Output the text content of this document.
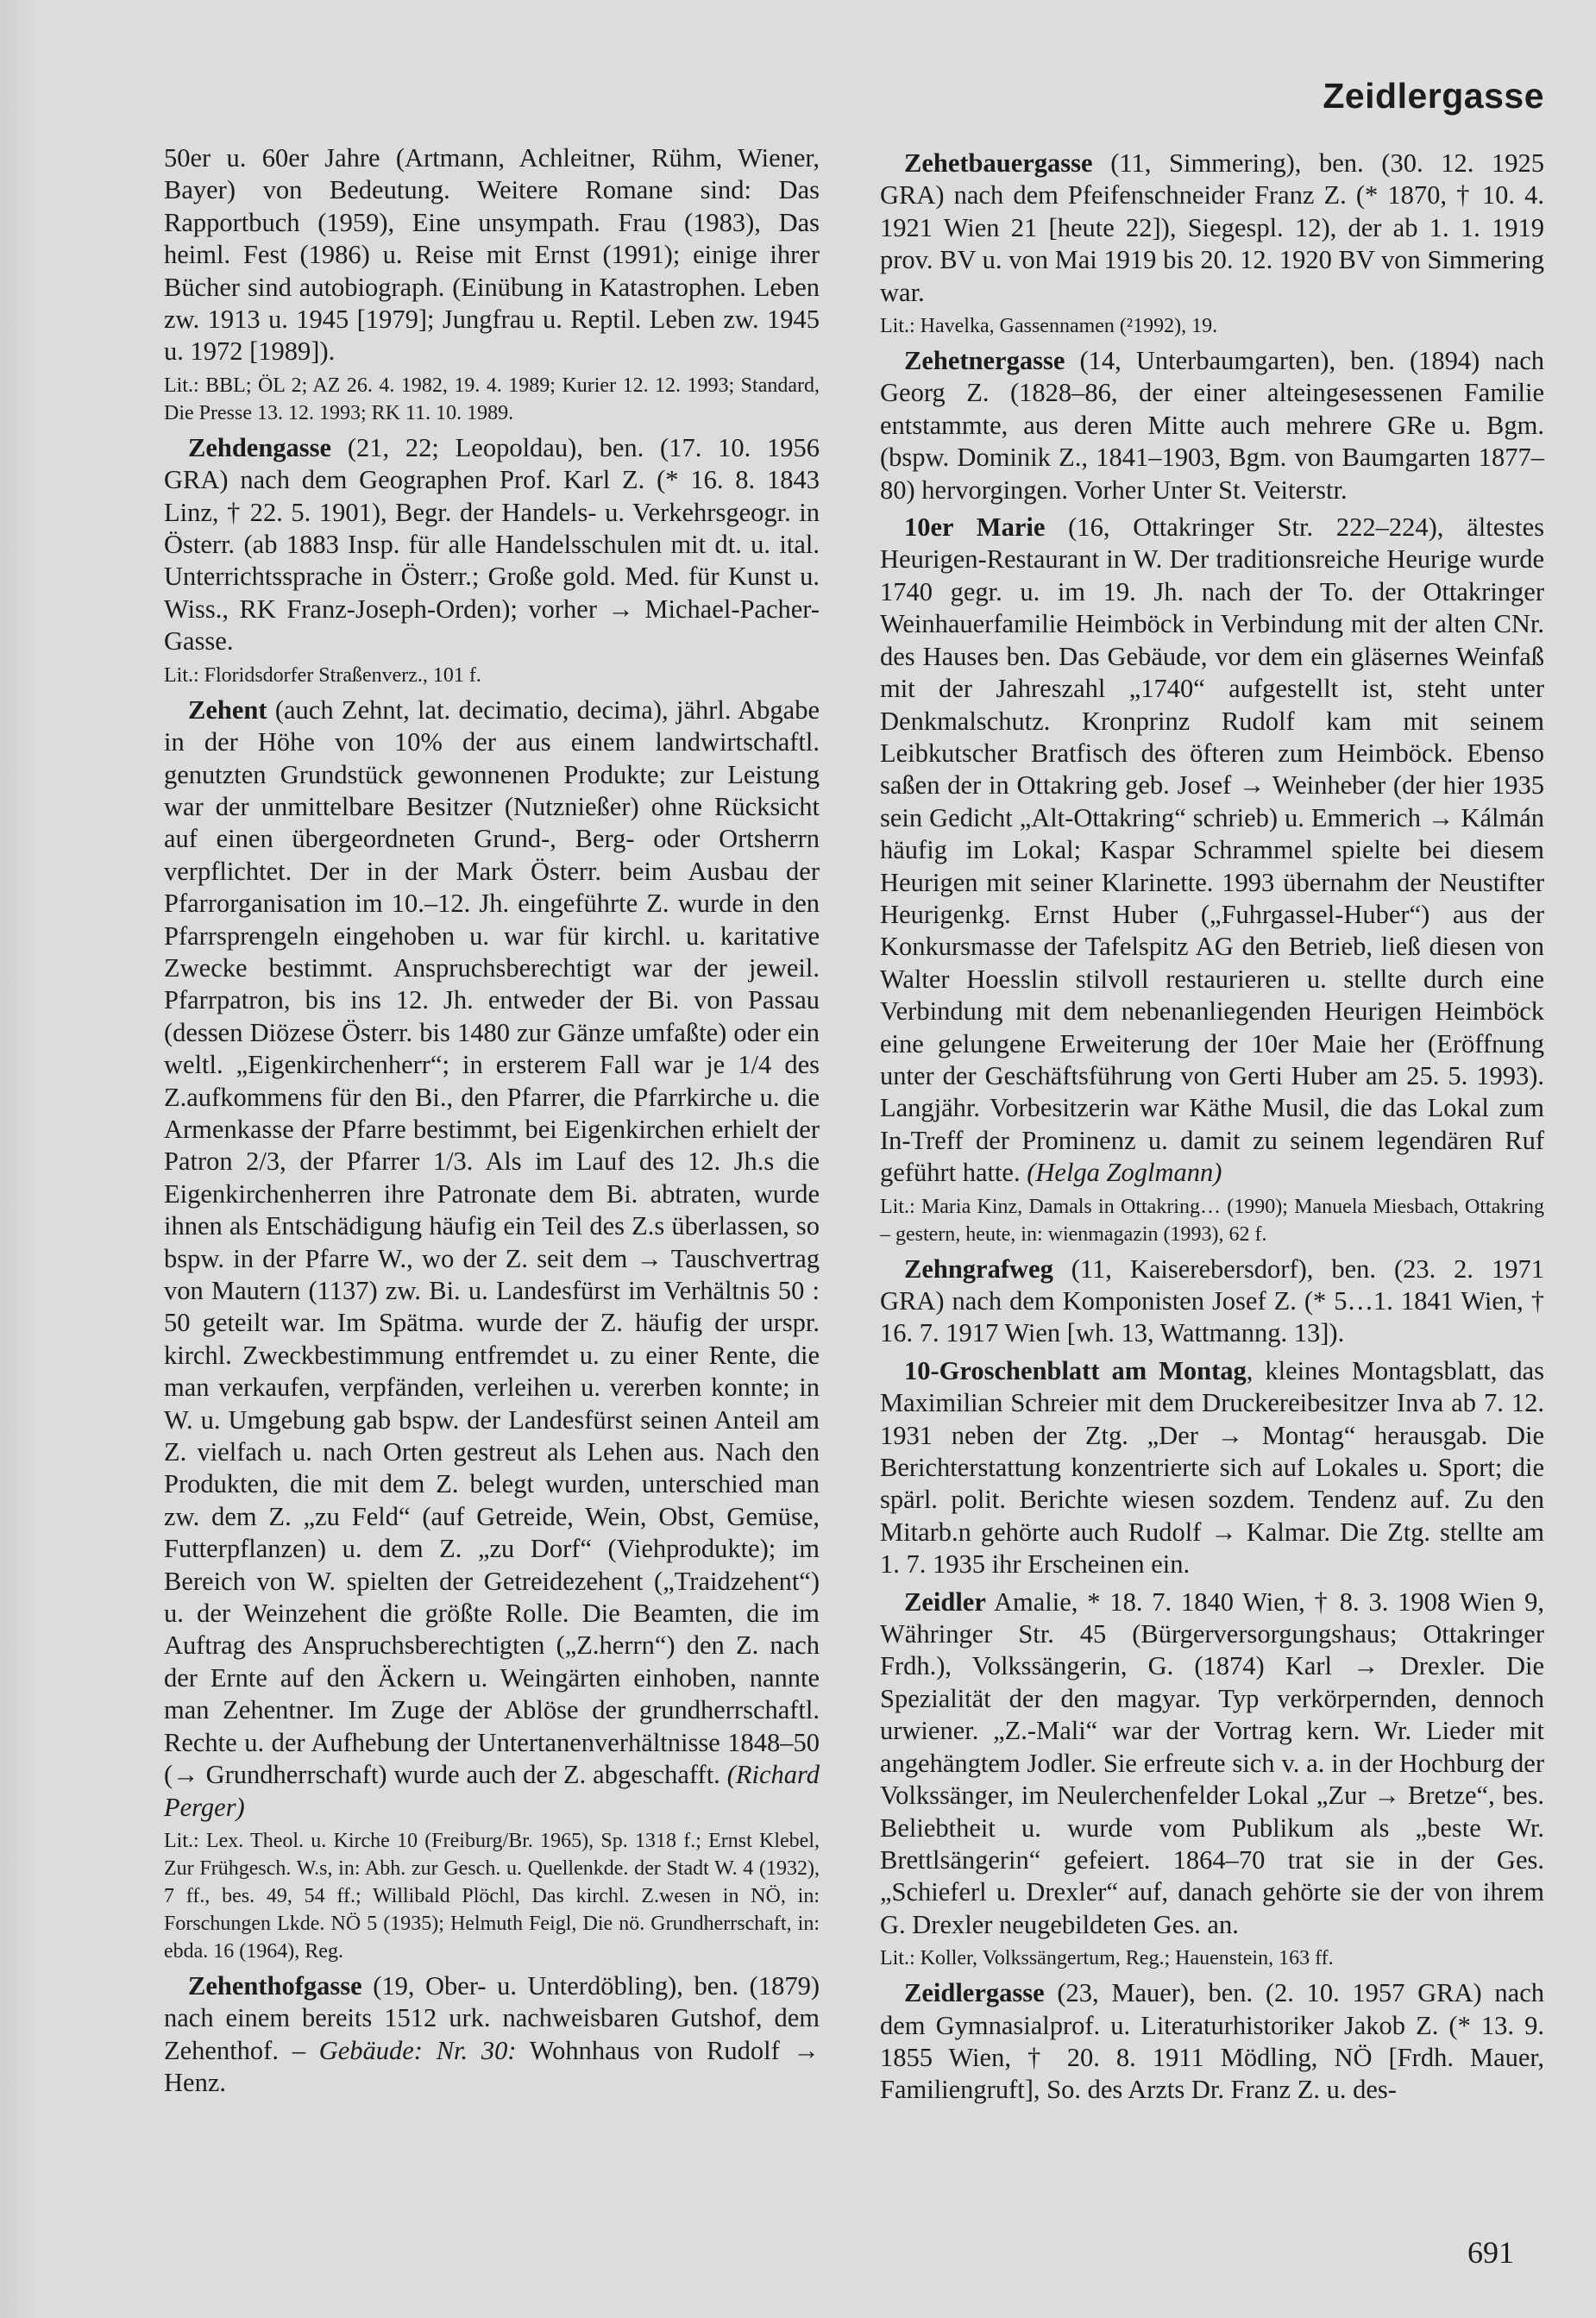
Zeidlergasse

50er u. 60er Jahre (Artmann, Achleitner, Rühm, Wiener, Bayer) von Bedeutung. Weitere Romane sind: Das Rapportbuch (1959), Eine unsympath. Frau (1983), Das heiml. Fest (1986) u. Reise mit Ernst (1991); einige ihrer Bücher sind autobiograph. (Einübung in Katastrophen. Leben zw. 1913 u. 1945 [1979]; Jungfrau u. Reptil. Leben zw. 1945 u. 1972 [1989]).

Lit.: BBL; ÖL 2; AZ 26. 4. 1982, 19. 4. 1989; Kurier 12. 12. 1993; Standard, Die Presse 13. 12. 1993; RK 11. 10. 1989.

Zehdengasse (21, 22; Leopoldau), ben. (17. 10. 1956 GRA) nach dem Geographen Prof. Karl Z. (* 16. 8. 1843 Linz, † 22. 5. 1901), Begr. der Handels- u. Verkehrsgeogr. in Österr. (ab 1883 Insp. für alle Handelsschulen mit dt. u. ital. Unterrichtssprache in Österr.; Große gold. Med. für Kunst u. Wiss., RK Franz-Joseph-Orden); vorher → Michael-Pacher-Gasse.

Lit.: Floridsdorfer Straßenverz., 101 f.

Zehent (auch Zehnt, lat. decimatio, decima), jährl. Abgabe in der Höhe von 10% der aus einem landwirtschaftl. genutzten Grundstück gewonnenen Produkte; zur Leistung war der unmittelbare Besitzer (Nutznießer) ohne Rücksicht auf einen übergeordneten Grund-, Berg- oder Ortsherrn verpflichtet. Der in der Mark Österr. beim Ausbau der Pfarrorganisation im 10.–12. Jh. eingeführte Z. wurde in den Pfarrsprengeln eingehoben u. war für kirchl. u. karitative Zwecke bestimmt. Anspruchsberechtigt war der jeweil. Pfarrpatron, bis ins 12. Jh. entweder der Bi. von Passau (dessen Diözese Österr. bis 1480 zur Gänze umfaßte) oder ein weltl. „Eigenkirchenherr“; in ersterem Fall war je 1/4 des Z.aufkommens für den Bi., den Pfarrer, die Pfarrkirche u. die Armenkasse der Pfarre bestimmt, bei Eigenkirchen erhielt der Patron 2/3, der Pfarrer 1/3. Als im Lauf des 12. Jh.s die Eigenkirchenherren ihre Patronate dem Bi. abtraten, wurde ihnen als Entschädigung häufig ein Teil des Z.s überlassen, so bspw. in der Pfarre W., wo der Z. seit dem → Tauschvertrag von Mautern (1137) zw. Bi. u. Landesfürst im Verhältnis 50 : 50 geteilt war. Im Spätma. wurde der Z. häufig der urspr. kirchl. Zweckbestimmung entfremdet u. zu einer Rente, die man verkaufen, verpfänden, verleihen u. vererben konnte; in W. u. Umgebung gab bspw. der Landesfürst seinen Anteil am Z. vielfach u. nach Orten gestreut als Lehen aus. Nach den Produkten, die mit dem Z. belegt wurden, unterschied man zw. dem Z. „zu Feld“ (auf Getreide, Wein, Obst, Gemüse, Futterpflanzen) u. dem Z. „zu Dorf“ (Viehprodukte); im Bereich von W. spielten der Getreidezehent („Traidzehent“) u. der Weinzehent die größte Rolle. Die Beamten, die im Auftrag des Anspruchsberechtigten („Z.herrn“) den Z. nach der Ernte auf den Äckern u. Weingärten einhoben, nannte man Zehentner. Im Zuge der Ablöse der grundherrschaftl. Rechte u. der Aufhebung der Untertanenverhältnisse 1848–50 (→ Grundherrschaft) wurde auch der Z. abgeschafft. (Richard Perger)

Lit.: Lex. Theol. u. Kirche 10 (Freiburg/Br. 1965), Sp. 1318 f.; Ernst Klebel, Zur Frühgesch. W.s, in: Abh. zur Gesch. u. Quellenkde. der Stadt W. 4 (1932), 7 ff., bes. 49, 54 ff.; Willibald Plöchl, Das kirchl. Z.wesen in NÖ, in: Forschungen Lkde. NÖ 5 (1935); Helmuth Feigl, Die nö. Grundherrschaft, in: ebda. 16 (1964), Reg.

Zehenthofgasse (19, Ober- u. Unterdöbling), ben. (1879) nach einem bereits 1512 urk. nachweisbaren Gutshof, dem Zehenthof. – Gebäude: Nr. 30: Wohnhaus von Rudolf → Henz.

Zehetbauergasse (11, Simmering), ben. (30. 12. 1925 GRA) nach dem Pfeifenschneider Franz Z. (* 1870, † 10. 4. 1921 Wien 21 [heute 22]), Siegespl. 12), der ab 1. 1. 1919 prov. BV u. von Mai 1919 bis 20. 12. 1920 BV von Simmering war.

Lit.: Havelka, Gassennamen (²1992), 19.

Zehetnergasse (14, Unterbaumgarten), ben. (1894) nach Georg Z. (1828–86, der einer alteingesessenen Familie entstammte, aus deren Mitte auch mehrere GRe u. Bgm. (bspw. Dominik Z., 1841–1903, Bgm. von Baumgarten 1877–80) hervorgingen. Vorher Unter St. Veiterstr.

10er Marie (16, Ottakringer Str. 222–224), ältestes Heurigen-Restaurant in W. Der traditionsreiche Heurige wurde 1740 gegr. u. im 19. Jh. nach der To. der Ottakringer Weinhauerfamilie Heimböck in Verbindung mit der alten CNr. des Hauses ben. Das Gebäude, vor dem ein gläsernes Weinfaß mit der Jahreszahl „1740“ aufgestellt ist, steht unter Denkmalschutz. Kronprinz Rudolf kam mit seinem Leibkutscher Bratfisch des öfteren zum Heimböck. Ebenso saßen der in Ottakring geb. Josef → Weinheber (der hier 1935 sein Gedicht „Alt-Ottakring“ schrieb) u. Emmerich → Kálmán häufig im Lokal; Kaspar Schrammel spielte bei diesem Heurigen mit seiner Klarinette. 1993 übernahm der Neustifter Heurigenkg. Ernst Huber („Fuhrgassel-Huber“) aus der Konkursmasse der Tafelspitz AG den Betrieb, ließ diesen von Walter Hoesslin stilvoll restaurieren u. stellte durch eine Verbindung mit dem nebenanliegenden Heurigen Heimböck eine gelungene Erweiterung der 10er Maie her (Eröffnung unter der Geschäftsführung von Gerti Huber am 25. 5. 1993). Langjähr. Vorbesitzerin war Käthe Musil, die das Lokal zum In-Treff der Prominenz u. damit zu seinem legendären Ruf geführt hatte. (Helga Zoglmann)

Lit.: Maria Kinz, Damals in Ottakring… (1990); Manuela Miesbach, Ottakring – gestern, heute, in: wienmagazin (1993), 62 f.

Zehngrafweg (11, Kaiserebersdorf), ben. (23. 2. 1971 GRA) nach dem Komponisten Josef Z. (* 5…1. 1841 Wien, † 16. 7. 1917 Wien [wh. 13, Wattmanng. 13]).

10-Groschenblatt am Montag, kleines Montagsblatt, das Maximilian Schreier mit dem Druckereibesitzer Inva ab 7. 12. 1931 neben der Ztg. „Der → Montag“ herausgab. Die Berichterstattung konzentrierte sich auf Lokales u. Sport; die spärl. polit. Berichte wiesen sozdem. Tendenz auf. Zu den Mitarb.n gehörte auch Rudolf → Kalmar. Die Ztg. stellte am 1. 7. 1935 ihr Erscheinen ein.

Zeidler Amalie, * 18. 7. 1840 Wien, † 8. 3. 1908 Wien 9, Währinger Str. 45 (Bürgerversorgungshaus; Ottakringer Frdh.), Volkssängerin, G. (1874) Karl → Drexler. Die Spezialität der den magyar. Typ verkörpernden, dennoch urwiener. „Z.-Mali“ war der Vortrag kern. Wr. Lieder mit angehängtem Jodler. Sie erfreute sich v. a. in der Hochburg der Volkssänger, im Neulerchenfelder Lokal „Zur → Bretze“, bes. Beliebtheit u. wurde vom Publikum als „beste Wr. Brettlsängerin“ gefeiert. 1864–70 trat sie in der Ges. „Schieferl u. Drexler“ auf, danach gehörte sie der von ihrem G. Drexler neugebildeten Ges. an.

Lit.: Koller, Volkssängertum, Reg.; Hauenstein, 163 ff.

Zeidlergasse (23, Mauer), ben. (2. 10. 1957 GRA) nach dem Gymnasialprof. u. Literaturhistoriker Jakob Z. (* 13. 9. 1855 Wien, † 20. 8. 1911 Mödling, NÖ [Frdh. Mauer, Familiengruft], So. des Arzts Dr. Franz Z. u. des-

691
